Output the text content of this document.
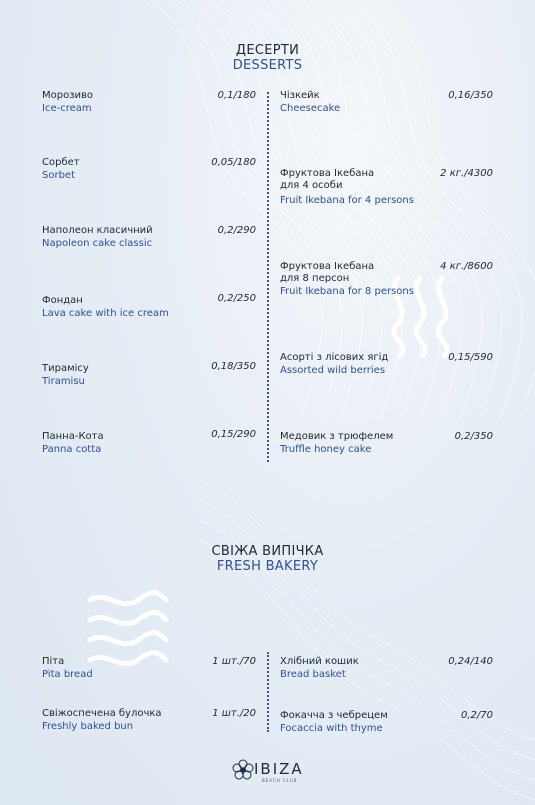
ДЕСЕРТИ
DESSERTS
Морозиво
Ice-cream
0,1/180
Сорбет
Sorbet
0,05/180
Наполеон класичний
Napoleon cake classic
0,2/290
Фондан
Lava cake with ice cream
0,2/250
Тирамісу
Tiramisu
0,18/350
Панна-Кота
Panna cotta
0,15/290
Чізкейк
Cheesecake
0,16/350
Фруктова Ікебана
для 4 особи
Fruit Ikebana for 4 persons
2 кг./4300
Фруктова Ікебана
для 8 персон
Fruit Ikebana for 8 persons
4 кг./8600
Асорті з лісових ягід
Assorted wild berries
0,15/590
Медовик з трюфелем
Truffle honey cake
0,2/350
СВІЖА ВИПІЧКА
FRESH BAKERY
Піта
Pita bread
1 шт./70
Свіжоспечена булочка
Freshly baked bun
1 шт./20
Хлібний кошик
Bread basket
0,24/140
Фокачча з чебрецем
Focaccia with thyme
0,2/70
IBIZA
BEACH CLUB
